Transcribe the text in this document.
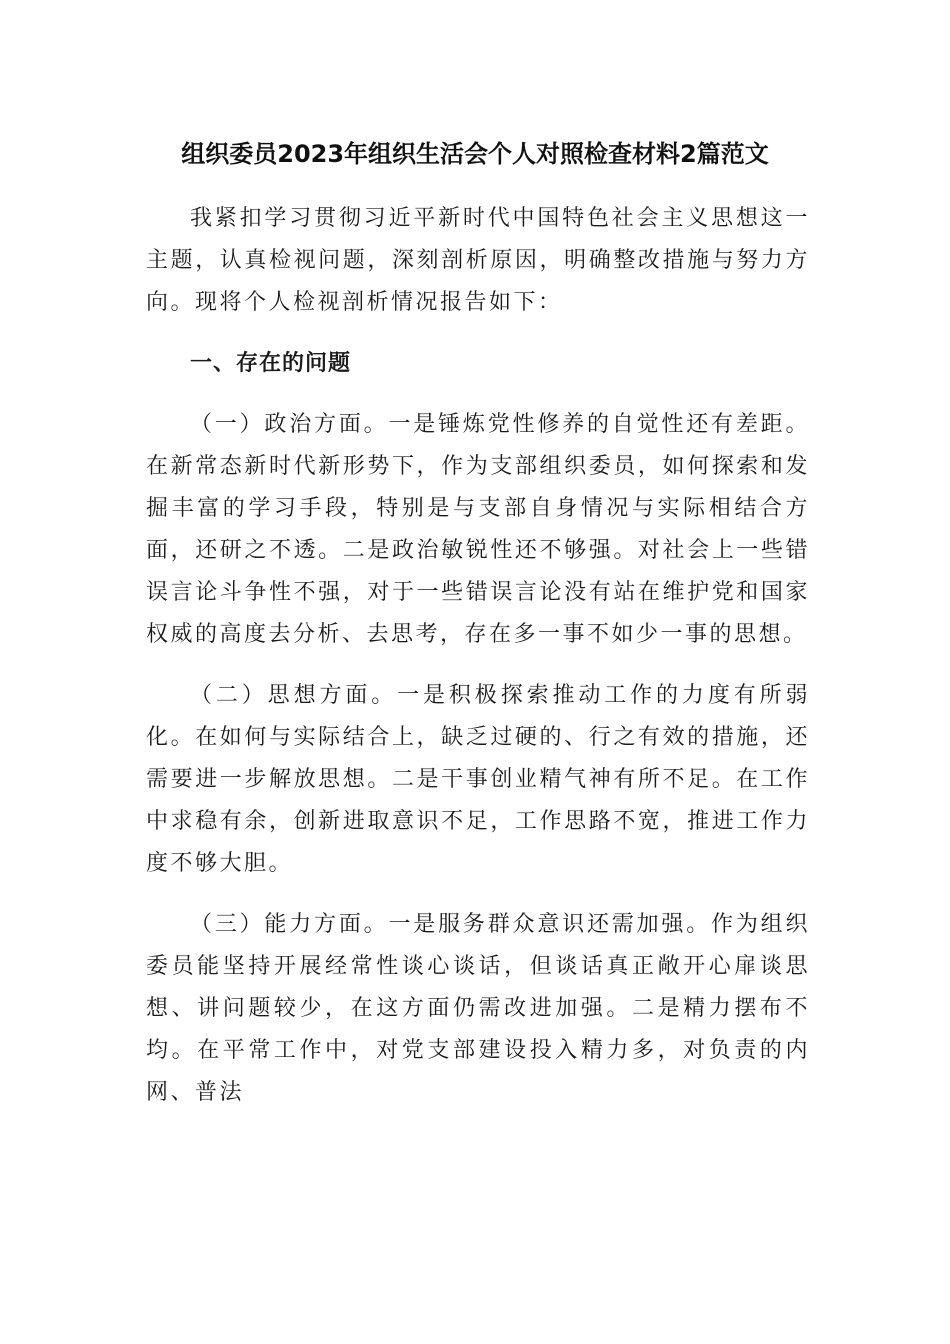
组织委员2023年组织生活会个人对照检查材料2篇范文

我紧扣学习贯彻习近平新时代中国特色社会主义思想这一主题，认真检视问题，深刻剖析原因，明确整改措施与努力方向。现将个人检视剖析情况报告如下：

一、存在的问题

（一）政治方面。一是锤炼党性修养的自觉性还有差距。在新常态新时代新形势下，作为支部组织委员，如何探索和发掘丰富的学习手段，特别是与支部自身情况与实际相结合方面，还研之不透。二是政治敏锐性还不够强。对社会上一些错误言论斗争性不强，对于一些错误言论没有站在维护党和国家权威的高度去分析、去思考，存在多一事不如少一事的思想。

（二）思想方面。一是积极探索推动工作的力度有所弱化。在如何与实际结合上，缺乏过硬的、行之有效的措施，还需要进一步解放思想。二是干事创业精气神有所不足。在工作中求稳有余，创新进取意识不足，工作思路不宽，推进工作力度不够大胆。

（三）能力方面。一是服务群众意识还需加强。作为组织委员能坚持开展经常性谈心谈话，但谈话真正敞开心扉谈思想、讲问题较少，在这方面仍需改进加强。二是精力摆布不均。在平常工作中，对党支部建设投入精力多，对负责的内网、普法
